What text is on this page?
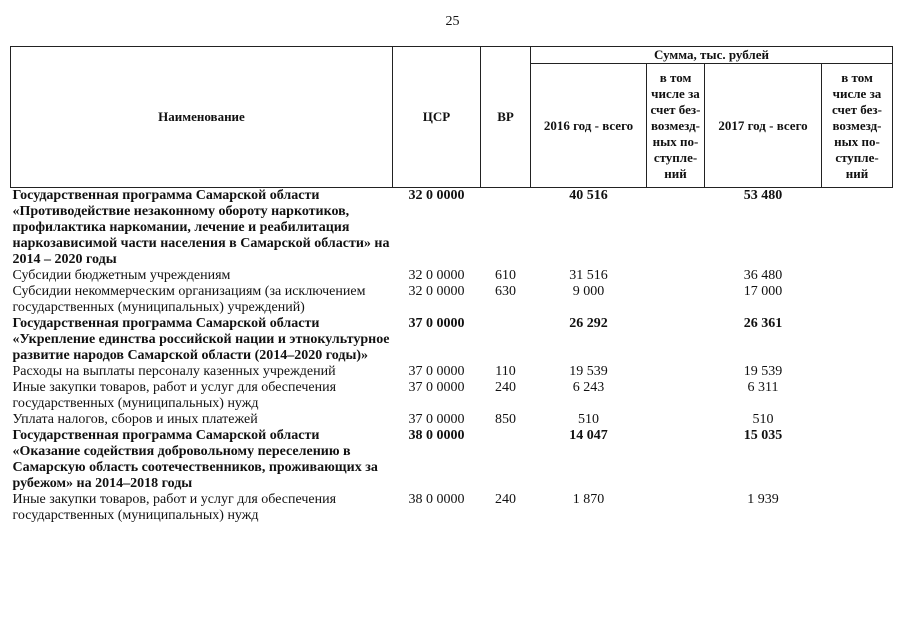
25
Наименование	ЦСР	ВР	Сумма, тыс. рублей			
			2016 год - всего	в том числе за счет без- возмезд- ных по- ступле- ний	2017 год - всего	в том числе за счет без- возмезд- ных по- ступле- ний
Государственная программа Самарской области «Противодействие незаконному обороту наркотиков, профилактика наркомании, лечение и реабилитация наркозависимой части населения в Самарской области» на 2014 – 2020 годы	32 0 0000		40 516		53 480	
Субсидии бюджетным учреждениям	32 0 0000	610	31 516		36 480	
Субсидии некоммерческим организациям (за исключением государственных (муниципальных) учреждений)	32 0 0000	630	9 000		17 000	
Государственная программа Самарской области «Укрепление единства российской нации и этнокультурное развитие народов Самарской области (2014–2020 годы)»	37 0 0000		26 292		26 361	
Расходы на выплаты персоналу казенных учреждений	37 0 0000	110	19 539		19 539	
Иные закупки товаров, работ и услуг для обеспечения государственных (муниципальных) нужд	37 0 0000	240	6 243		6 311	
Уплата налогов, сборов и иных платежей	37 0 0000	850	510		510	
Государственная программа Самарской области «Оказание содействия добровольному переселению в Самарскую область соотечественников, проживающих за рубежом» на 2014–2018 годы	38 0 0000		14 047		15 035	
Иные закупки товаров, работ и услуг для обеспечения государственных (муниципальных) нужд	38 0 0000	240	1 870		1 939	
